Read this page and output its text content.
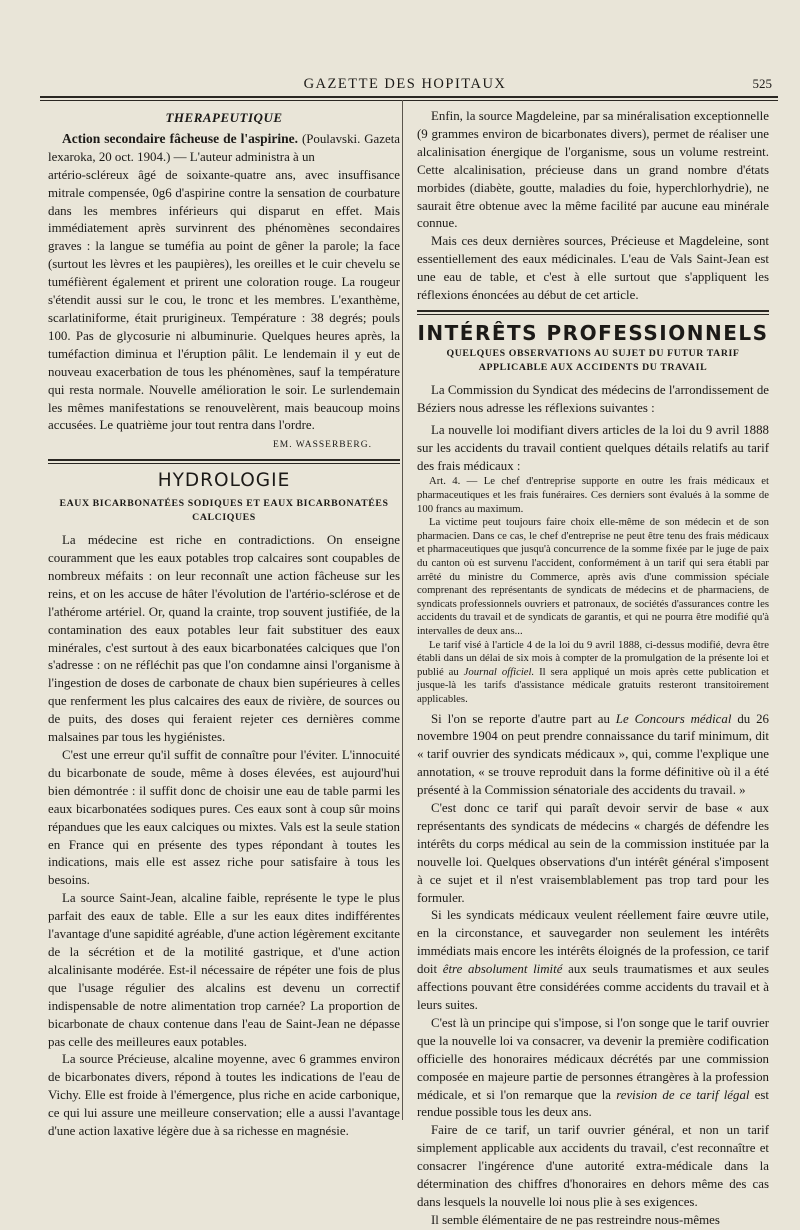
GAZETTE DES HOPITAUX	525
THERAPEUTIQUE

Action secondaire fâcheuse de l'aspirine. (Poulavski. Gazeta lexaroka, 20 oct. 1904.) — L'auteur administra à un

artério-scléreux âgé de soixante-quatre ans, avec insuffisance mitrale compensée, 0g6 d'aspirine contre la sensation de courbature dans les membres inférieurs qui disparut en effet. Mais immédiatement après survinrent des phénomènes secondaires graves : la langue se tuméfia au point de gêner la parole; la face (surtout les lèvres et les paupières), les oreilles et le cuir chevelu se tuméfièrent également et prirent une coloration rouge. La rougeur s'étendit aussi sur le cou, le tronc et les membres. L'exanthème, scarlatiniforme, était prurigineux. Température : 38 degrés; pouls 100. Pas de glycosurie ni albuminurie. Quelques heures après, la tuméfaction diminua et l'éruption pâlit. Le lendemain il y eut de nouveau exacerbation de tous les phénomènes, sauf la température qui resta normale. Nouvelle amélioration le soir. Le surlendemain les mêmes manifestations se renouvelèrent, mais beaucoup moins accusées. Le quatrième jour tout rentra dans l'ordre.

EM. WASSERBERG.
HYDROLOGIE
EAUX BICARBONATÉES SODIQUES ET EAUX BICARBONATÉES CALCIQUES

La médecine est riche en contradictions. On enseigne couramment que les eaux potables trop calcaires sont coupables de nombreux méfaits : on leur reconnaît une action fâcheuse sur les reins, et on les accuse de hâter l'évolution de l'artério-sclérose et de l'athérome artériel. Or, quand la crainte, trop souvent justifiée, de la contamination des eaux potables leur fait substituer des eaux minérales, c'est surtout à des eaux bicarbonatées calciques que l'on s'adresse : on ne réfléchit pas que l'on condamne ainsi l'organisme à l'ingestion de doses de carbonate de chaux bien supérieures à celles que renferment les plus calcaires des eaux de rivière, de sources ou de puits, des doses qui feraient rejeter ces dernières comme malsaines par tous les hygiénistes.

C'est une erreur qu'il suffit de connaître pour l'éviter. L'innocuité du bicarbonate de soude, même à doses élevées, est aujourd'hui bien démontrée : il suffit donc de choisir une eau de table parmi les eaux bicarbonatées sodiques pures. Ces eaux sont à coup sûr moins répandues que les eaux calciques ou mixtes. Vals est la seule station en France qui en présente des types répondant à toutes les indications, mais elle est assez riche pour satisfaire à tous les besoins.

La source Saint-Jean, alcaline faible, représente le type le plus parfait des eaux de table. Elle a sur les eaux dites indifférentes l'avantage d'une sapidité agréable, d'une action légèrement excitante de la sécrétion et de la motilité gastrique, et d'une action alcalinisante modérée. Est-il nécessaire de répéter une fois de plus que l'usage régulier des alcalins est devenu un correctif indispensable de notre alimentation trop carnée? La proportion de bicarbonate de chaux contenue dans l'eau de Saint-Jean ne dépasse pas celle des meilleures eaux potables.

La source Précieuse, alcaline moyenne, avec 6 grammes environ de bicarbonates divers, répond à toutes les indications de l'eau de Vichy. Elle est froide à l'émergence, plus riche en acide carbonique, ce qui lui assure une meilleure conservation; elle a aussi l'avantage d'une action laxative légère due à sa richesse en magnésie.

Enfin, la source Magdeleine, par sa minéralisation exceptionnelle (9 grammes environ de bicarbonates divers), permet de réaliser une alcalinisation énergique de l'organisme, sous un volume restreint. Cette alcalinisation, précieuse dans un grand nombre d'états morbides (diabète, goutte, maladies du foie, hyperchlorhydrie), ne saurait être obtenue avec la même facilité par aucune eau minérale connue.

Mais ces deux dernières sources, Précieuse et Magdeleine, sont essentiellement des eaux médicinales. L'eau de Vals Saint-Jean est une eau de table, et c'est à elle surtout que s'appliquent les réflexions énoncées au début de cet article.

INTÉRÊTS PROFESSIONNELS
QUELQUES OBSERVATIONS AU SUJET DU FUTUR TARIF APPLICABLE AUX ACCIDENTS DU TRAVAIL

La Commission du Syndicat des médecins de l'arrondissement de Béziers nous adresse les réflexions suivantes :

La nouvelle loi modifiant divers articles de la loi du 9 avril 1888 sur les accidents du travail contient quelques détails relatifs au tarif des frais médicaux :

Art. 4. — Le chef d'entreprise supporte en outre les frais médicaux et pharmaceutiques et les frais funéraires. Ces derniers sont évalués à la somme de 100 francs au maximum.

La victime peut toujours faire choix elle-même de son médecin et de son pharmacien. Dans ce cas, le chef d'entreprise ne peut être tenu des frais médicaux et pharmaceutiques que jusqu'à concurrence de la somme fixée par le juge de paix du canton où est survenu l'accident, conformément à un tarif qui sera établi par arrêté du ministre du Commerce, après avis d'une commission spéciale comprenant des représentants de syndicats de médecins et de pharmaciens, de syndicats professionnels ouvriers et patronaux, de sociétés d'assurances contre les accidents du travail et de syndicats de garantis, et qui ne pourra être modifié qu'à intervalles de deux ans...

Le tarif visé à l'article 4 de la loi du 9 avril 1888, ci-dessus modifié, devra être établi dans un délai de six mois à compter de la promulgation de la présente loi et publié au Journal officiel. Il sera appliqué un mois après cette publication et jusque-là les tarifs d'assistance médicale gratuits resteront transitoirement applicables.

Si l'on se reporte d'autre part au Le Concours médical du 26 novembre 1904 on peut prendre connaissance du tarif minimum, dit « tarif ouvrier des syndicats médicaux », qui, comme l'explique une annotation, « se trouve reproduit dans la forme définitive où il a été présenté à la Commission sénatoriale des accidents du travail. »

C'est donc ce tarif qui paraît devoir servir de base « aux représentants des syndicats de médecins « chargés de défendre les intérêts du corps médical au sein de la commission instituée par la nouvelle loi. Quelques observations d'un intérêt général s'imposent à ce sujet et il n'est vraisemblablement pas trop tard pour les formuler.

Si les syndicats médicaux veulent réellement faire œuvre utile, en la circonstance, et sauvegarder non seulement les intérêts immédiats mais encore les intérêts éloignés de la profession, ce tarif doit être absolument limité aux seuls traumatismes et aux seules affections pouvant être considérées comme accidents du travail et à leurs suites.

C'est là un principe qui s'impose, si l'on songe que le tarif ouvrier que la nouvelle loi va consacrer, va devenir la première codification officielle des honoraires médicaux décrétés par une commission composée en majeure partie de personnes étrangères à la profession médicale, et si l'on remarque que la revision de ce tarif légal est rendue possible tous les deux ans.

Faire de ce tarif, un tarif ouvrier général, et non un tarif simplement applicable aux accidents du travail, c'est reconnaître et consacrer l'ingérence d'une autorité extra-médicale dans la détermination des chiffres d'honoraires en dehors même des cas dans lesquels la nouvelle loi nous plie à ses exigences.

Il semble élémentaire de ne pas restreindre nous-mêmes
